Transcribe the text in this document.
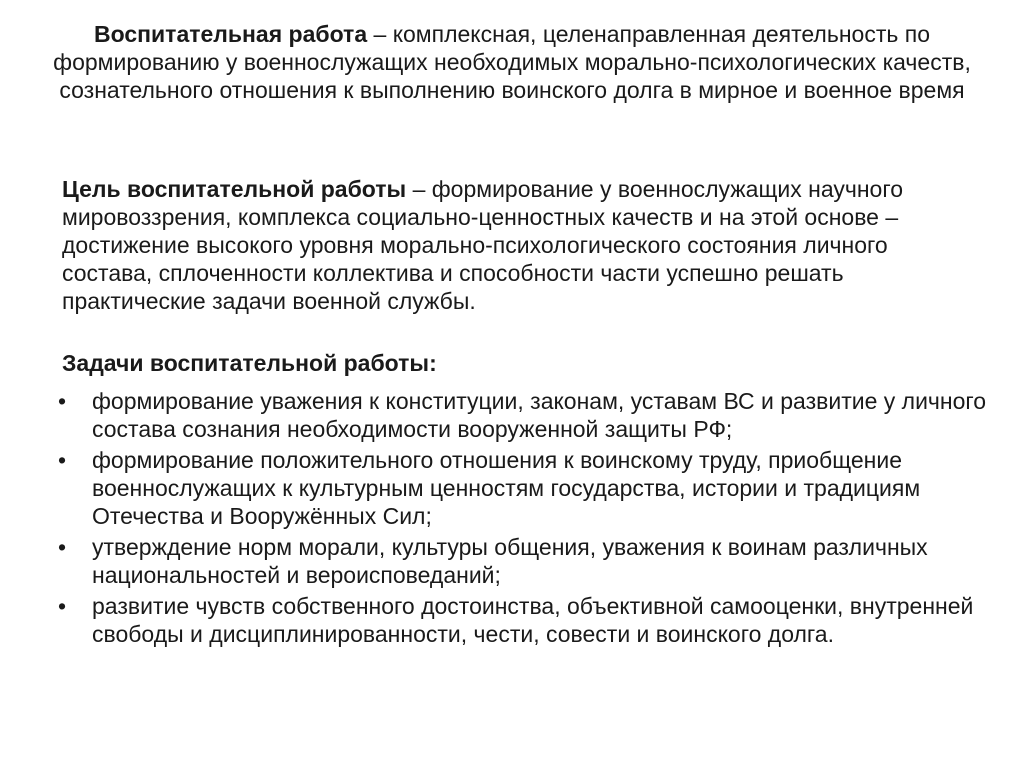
Воспитательная работа – комплексная, целенаправленная деятельность по формированию у военнослужащих необходимых морально-психологических качеств, сознательного отношения к выполнению воинского долга в мирное и военное время

Цель воспитательной работы – формирование у военнослужащих научного мировоззрения, комплекса социально-ценностных качеств и на этой основе – достижение высокого уровня морально-психологического состояния личного состава, сплоченности коллектива и способности части успешно решать практические задачи военной службы.

Задачи воспитательной работы:
•	формирование уважения к конституции, законам, уставам ВС и развитие у личного состава сознания необходимости вооруженной защиты РФ;
•	формирование положительного отношения к воинскому труду, приобщение военнослужащих к культурным ценностям государства, истории и традициям Отечества и Вооружённых Сил;
•	утверждение норм морали, культуры общения, уважения к воинам различных национальностей и вероисповеданий;
•	развитие чувств собственного достоинства, объективной самооценки, внутренней свободы и дисциплинированности, чести, совести и воинского долга.
